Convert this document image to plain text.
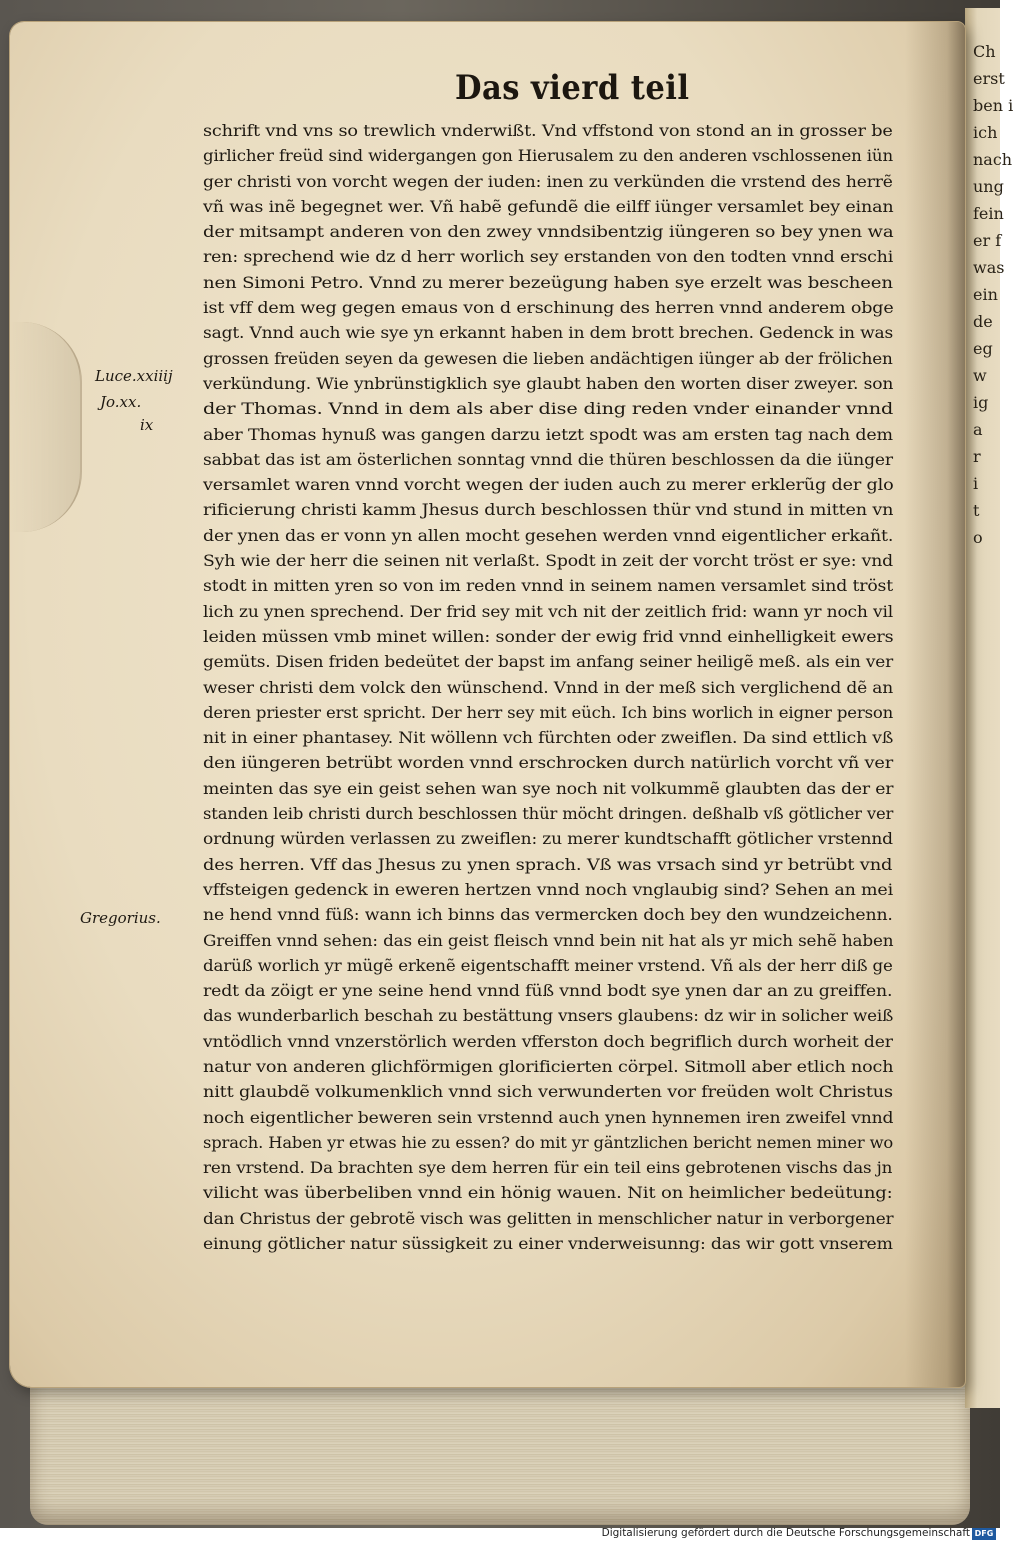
Ch
erst
ben i
ich
nach
ung
fein
er f
was
ein
de
eg
w
ig
a
r
i
t
o
Das vierd teil
Luce.xxiiij
Jo.xx.
ix
Gregorius.
schrift vnd vns so trewlich vnderwißt. Vnd vffstond von stond an in grosser be
girlicher freüd sind widergangen gon Hierusalem zu den anderen vschlossenen iün
ger christi von vorcht wegen der iuden: inen zu verkünden die vrstend des herrẽ
vñ was inẽ begegnet wer. Vñ habẽ gefundẽ die eilff iünger versamlet bey einan
der mitsampt anderen von den zwey vnndsibentzig iüngeren so bey ynen wa
ren: sprechend wie dz d herr worlich sey erstanden von den todten vnnd erschi
nen Simoni Petro. Vnnd zu merer bezeügung haben sye erzelt was bescheen
ist vff dem weg gegen emaus von d erschinung des herren vnnd anderem obge
sagt. Vnnd auch wie sye yn erkannt haben in dem brott brechen. Gedenck in was
grossen freüden seyen da gewesen die lieben andächtigen iünger ab der frölichen
verkündung. Wie ynbrünstigklich sye glaubt haben den worten diser zweyer. son
der Thomas. Vnnd in dem als aber dise ding reden vnder einander vnnd
aber Thomas hynuß was gangen darzu ietzt spodt was am ersten tag nach dem
sabbat das ist am österlichen sonntag vnnd die thüren beschlossen da die iünger
versamlet waren vnnd vorcht wegen der iuden auch zu merer erklerũg der glo
rificierung christi kamm Jhesus durch beschlossen thür vnd stund in mitten vn
der ynen das er vonn yn allen mocht gesehen werden vnnd eigentlicher erkañt.
Syh wie der herr die seinen nit verlaßt. Spodt in zeit der vorcht tröst er sye: vnd
stodt in mitten yren so von im reden vnnd in seinem namen versamlet sind tröst
lich zu ynen sprechend. Der frid sey mit vch nit der zeitlich frid: wann yr noch vil
leiden müssen vmb minet willen: sonder der ewig frid vnnd einhelligkeit ewers
gemüts. Disen friden bedeütet der bapst im anfang seiner heiligẽ meß. als ein ver
weser christi dem volck den wünschend. Vnnd in der meß sich verglichend dẽ an
deren priester erst spricht. Der herr sey mit eüch. Ich bins worlich in eigner person
nit in einer phantasey. Nit wöllenn vch fürchten oder zweiflen. Da sind ettlich vß
den iüngeren betrübt worden vnnd erschrocken durch natürlich vorcht vñ ver
meinten das sye ein geist sehen wan sye noch nit volkummẽ glaubten das der er
standen leib christi durch beschlossen thür möcht dringen. deßhalb vß götlicher ver
ordnung würden verlassen zu zweiflen: zu merer kundtschafft götlicher vrstennd
des herren. Vff das Jhesus zu ynen sprach. Vß was vrsach sind yr betrübt vnd
vffsteigen gedenck in eweren hertzen vnnd noch vnglaubig sind? Sehen an mei
ne hend vnnd füß: wann ich binns das vermercken doch bey den wundzeichenn.
Greiffen vnnd sehen: das ein geist fleisch vnnd bein nit hat als yr mich sehẽ haben
darüß worlich yr mügẽ erkenẽ eigentschafft meiner vrstend. Vñ als der herr diß ge
redt da zöigt er yne seine hend vnnd füß vnnd bodt sye ynen dar an zu greiffen.
das wunderbarlich beschah zu bestättung vnsers glaubens: dz wir in solicher weiß
vntödlich vnnd vnzerstörlich werden vfferston doch begriflich durch worheit der
natur von anderen glichförmigen glorificierten cörpel. Sitmoll aber etlich noch
nitt glaubdẽ volkumenklich vnnd sich verwunderten vor freüden wolt Christus
noch eigentlicher beweren sein vrstennd auch ynen hynnemen iren zweifel vnnd
sprach. Haben yr etwas hie zu essen? do mit yr gäntzlichen bericht nemen miner wo
ren vrstend. Da brachten sye dem herren für ein teil eins gebrotenen vischs das jn
vilicht was überbeliben vnnd ein hönig wauen. Nit on heimlicher bedeütung:
dan Christus der gebrotẽ visch was gelitten in menschlicher natur in verborgener
einung götlicher natur süssigkeit zu einer vnderweisunng: das wir gott vnserem
Digitalisierung gefördert durch die Deutsche Forschungsgemeinschaft DFG
